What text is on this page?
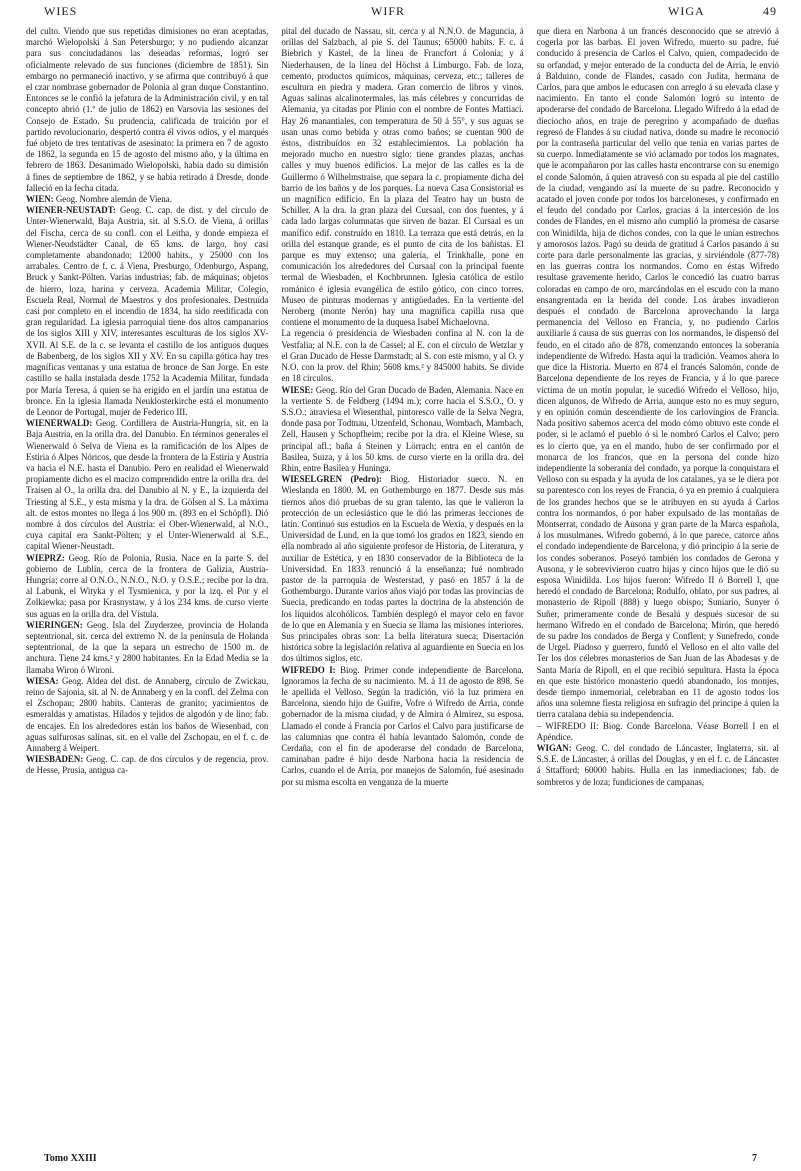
WIES	WIFR	WIGA	49

del culto. Viendo que sus repetidas dimisiones no eran aceptadas, marchó Wielopolski á San Petersburgo; y no pudiendo alcanzar para sus conciudadanos las deseadas reformas, logró ser oficialmente relevado de sus funciones (diciembre de 1851). Sin embargo no permaneció inactivo, y se afirma que contribuyó á que el czar nombrase gobernador de Polonia al gran duque Constantino. Entonces se le confió la jefatura de la Administración civil, y en tal concepto abrió (1.º de julio de 1862) en Varsovia las sesiones del Consejo de Estado. Su prudencia, calificada de traición por el partido revolucionario, despertó contra él vivos odios, y el marqués fué objeto de tres tentativas de asesinato: la primera en 7 de agosto de 1862, la segunda en 15 de agosto del mismo año, y la última en febrero de 1863. Desanimado Wielopolski, había dado su dimisión á fines de septiembre de 1862, y se había retirado á Dresde, donde falleció en la fecha citada.

WIEN: Geog. Nombre alemán de Viena.

WIENER-NEUSTADT: Geog. C. cap. de dist. y del círculo de Unter-Wienerwald, Baja Austria, sit. al S.S.O. de Viena, á orillas del Fischa, cerca de su confl. con el Leitha, y donde empieza el Wiener-Neudstädter Canal, de 65 kms. de largo, hoy casi completamente abandonado; 12000 habits., y 25000 con los arrabales. Centro de f. c. á Viena, Presburgo, Odenburgo, Aspang, Bruck y Sankt-Pölten. Varias industrias; fab. de máquinas; objetos de hierro, loza, harina y cerveza. Academia Militar, Colegio, Escuela Real, Normal de Maestros y dos profesionales. Destruída casi por completo en el incendio de 1834, ha sido reedificada con gran regularidad. La iglesia parroquial tiene dos altos campanarios de los siglos XIII y XIV, interesantes esculturas de los siglos XV-XVII. Al S.E. de la c. se levanta el castillo de los antiguos duques de Babenberg, de los siglos XII y XV. En su capilla gótica hay tres magníficas ventanas y una estatua de bronce de San Jorge. En este castillo se halla instalada desde 1752 la Academia Militar, fundada por María Teresa, á quien se ha erigido en el jardín una estatua de bronce. En la iglesia llamada Neuklosterkirche está el monumento de Leonor de Portugal, mujer de Federico III.

WIENERWALD: Geog. Cordillera de Austria-Hungría, sit. en la Baja Austria, en la orilla dra. del Danubio. En términos generales el Wienerwald ó Selva de Viena es la ramificación de los Alpes de Estiria ó Alpes Nóricos, que desde la frontera de la Estiria y Austria va hacia el N.E. hasta el Danubio. Pero en realidad el Wienerwald propiamente dicho es el macizo comprendido entre la orilla dra. del Traisen al O., la orilla dra. del Danubio al N. y E., la izquierda del Triesting al S.E., y esta misma y la dra. de Gölsen al S. La máxima alt. de estos montes no llega á los 900 m. (893 en el Schöpfl). Dió nombre á dos círculos del Austria: el Ober-Wienerwald, al N.O., cuya capital era Sankt-Pölten; y el Unter-Wienerwald al S.E., capital Wiener-Neustadt.

WIEPRZ: Geog. Río de Polonia, Rusia. Nace en la parte S. del gobierno de Lublin, cerca de la frontera de Galizia, Austria-Hungría; corre al O.N.O., N.N.O., N.O. y O.S.E.; recibe por la dra. al Labunk, el Wityka y el Tysmienica, y por la izq. el Por y el Zolkiewka; pasa por Krasnystaw, y á los 234 kms. de curso vierte sus aguas en la orilla dra. del Vístula.

WIERINGEN: Geog. Isla del Zuyderzee, provincia de Holanda septentrional, sit. cerca del extremo N. de la península de Holanda septentrional, de la que la separa un estrecho de 1500 m. de anchura. Tiene 24 kms.² y 2800 habitantes. En la Edad Media se la llamaba Wiron ó Wironi.

WIESA: Geog. Aldea del dist. de Annaberg, círculo de Zwickau, reino de Sajonia, sit. al N. de Annaberg y en la confl. del Zelma con el Zschopau; 2800 habits. Canteras de granito; yacimientos de esmeraldas y amatistas. Hilados y tejidos de algodón y de lino; fab. de encajes. En los alrededores están los baños de Wiesenbad, con aguas sulfurosas salinas, sit. en el valle del Zschopau, en el f. c. de Annaberg á Weipert.

WIESBADEN: Geog. C. cap. de dos círculos y de regencia, prov. de Hesse, Prusia, antigua ca-

pital del ducado de Nassau, sit. cerca y al N.N.O. de Maguncia, á orillas del Salzbach, al pie S. del Taunus; 65000 habits. F. c. á Biebrich y Kastel, de la línea de Francfort á Colonia; y á Niederhausen, de la línea del Höchst á Limburgo. Fab. de loza, cemento, productos químicos, máquinas, cerveza, etc.; talleres de escultura en piedra y madera. Gran comercio de libros y vinos. Aguas salinas alcalinotermales, las más célebres y concurridas de Alemania, ya citadas por Plinio con el nombre de Fontes Mattiaci. Hay 26 manantiales, con temperatura de 50 á 55°, y sus aguas se usan unas como bebida y otras como baños; se cuentan 900 de éstos, distribuídos en 32 establecimientos. La población ha mejorado mucho en nuestro siglo: tiene grandes plazas, anchas calles y muy buenos edificios. La mejor de las calles es la de Guillermo ó Wilhelmstraise, que separa la c. propiamente dicha del barrio de los baños y de los parques. La nueva Casa Consistorial es un magnífico edificio. En la plaza del Teatro hay un busto de Schiller. A la dra. la gran plaza del Cursaal, con dos fuentes, y á cada lado largas columnatas que sirven de bazar. El Cursaal es un manífico edif. construído en 1810. La terraza que está detrás, en la orilla del estanque grande, es el punto de cita de los bañistas. El parque es muy extenso; una galería, el Trinkhalle, pone en comunicación los alrededores del Cursaal con la principal fuente termal de Wiesbaden, el Kochbrunnen. Iglesia católica de estilo románico é iglesia evangélica de estilo gótico, con cinco torres. Museo de pinturas modernas y antigüedades. En la vertiente del Neroberg (monte Nerón) hay una magnífica capilla rusa que contiene el monumento de la duquesa Isabel Michaelovna.

La regencia ó presidencia de Wiesbaden confina al N. con la de Vestfalia; al N.E. con la de Cassel; al E. con el círculo de Wetzlar y el Gran Ducado de Hesse Darmstadt; al S. con este mismo, y al O. y N.O. con la prov. del Rhin; 5608 kms.² y 845000 habits. Se divide en 18 círculos.

WIESE: Geog. Río del Gran Ducado de Baden, Alemania. Nace en la vertiente S. de Feldberg (1494 m.); corre hacia el S.S.O., O. y S.S.O.; atraviesa el Wiesenthal, pintoresco valle de la Selva Negra, donde pasa por Todtnau, Utzenfeld, Schonau, Wombach, Mambach, Zell, Hausen y Schopfheim; recibe por la dra. el Kleine Wiese, su principal afl.; baña á Steinen y Lörrach; entra en el cantón de Basilea, Suiza, y á los 50 kms. de curso vierte en la orilla dra. del Rhin, entre Basilea y Huninga.

WIESELGREN (Pedro): Biog. Historiador sueco. N. en Wieslanda en 1800. M. en Gothemburgo en 1877. Desde sus más tiernos años dió pruebas de su gran talento, las que le valieron la protección de un eclesiástico que le dió las primeras lecciones de latín. Continuó sus estudios en la Escuela de Wexia, y después en la Universidad de Lund, en la que tomó los grados en 1823, siendo en ella nombrado al año siguiente profesor de Historia, de Literatura, y auxiliar de Estética, y en 1830 conservador de la Biblioteca de la Universidad. En 1833 renunció á la enseñanza; fué nombrado pastor de la parroquia de Westerstad, y pasó en 1857 á la de Gothemburgo. Durante varios años viajó por todas las provincias de Suecia, predicando en todas partes la doctrina de la abstención de los líquidos alcohólicos. También desplegó el mayor celo en favor de lo que en Alemania y en Suecia se llama las misiones interiores. Sus principales obras son: La bella literatura sueca; Disertación histórica sobre la legislación relativa al aguardiente en Suecia en los dos últimos siglos, etc.

WIFREDO I: Biog. Primer conde independiente de Barcelona. Ignoramos la fecha de su nacimiento. M. á 11 de agosto de 898. Se le apellida el Velloso. Según la tradición, vió la luz primera en Barcelona, siendo hijo de Guifre, Vofre ó Wifredo de Arria, conde gobernador de la misma ciudad, y de Almira ó Almirez, su esposa. Llamado el conde á Francia por Carlos el Calvo para justificarse de las calumnias que contra él había levantado Salomón, conde de Cerdaña, con el fin de apoderarse del condado de Barcelona, caminaban padre é hijo desde Narbona hacia la residencia de Carlos, cuando el de Arria, por manejos de Salomón, fué asesinado por su misma escolta en venganza de la muerte

que diera en Narbona á un francés desconocido que se atrevió á cogerla por las barbas. El joven Wifredo, muerto su padre, fué conducido á presencia de Carlos el Calvo, quien, compadecido de su orfandad, y mejor enterado de la conducta del de Arria, le envió á Balduino, conde de Flandes, casado con Judita, hermana de Carlos, para que ambos le educasen con arreglo á su elevada clase y nacimiento. En tanto el conde Salomón logró su intento de apoderarse del condado de Barcelona. Llegado Wifredo á la edad de dieciocho años, en traje de peregrino y acompañado de dueñas regresó de Flandes á su ciudad nativa, donde su madre le reconoció por la contraseña particular del vello que tenía en varias partes de su cuerpo. Inmediatamente se vió aclamado por todos los magnates, que le acompañaron por las calles hasta encontrarse con su enemigo el conde Salomón, á quien atravesó con su espada al pie del castillo de la ciudad, vengando así la muerte de su padre. Reconocido y acatado el joven conde por todos los barceloneses, y confirmado en el feudo del condado por Carlos, gracias á la intercesión de los condes de Flandes, en el mismo año cumplió la promesa de casarse con Winidilda, hija de dichos condes, con la que le unían estrechos y amorosos lazos. Pagó su deuda de gratitud á Carlos pasando á su corte para darle personalmente las gracias, y sirviéndole (877-78) en las guerras contra los normandos. Como en éstas Wifredo resultase gravemente herido, Carlos le concedió las cuatro barras coloradas en campo de oro, marcándolas en el escudo con la mano ensangrentada en la herida del conde. Los árabes invadieron después el condado de Barcelona aprovechando la larga permanencia del Velloso en Francia, y, no pudiendo Carlos auxiliarle á causa de sus guerras con los normandos, le dispensó del feudo, en el citado año de 878, comenzando entonces la soberanía independiente de Wifredo. Hasta aquí la tradición. Veamos ahora lo que dice la Historia. Muerto en 874 el francés Salomón, conde de Barcelona dependiente de los reyes de Francia, y á lo que parece víctima de un motín popular, le sucedió Wifredo el Velloso, hijo, dicen algunos, de Wifredo de Arria, aunque esto no es muy seguro, y en opinión común descendiente de los carlovingios de Francia. Nada positivo sabemos acerca del modo cómo obtuvo este conde el poder, si le aclamó el pueblo ó si le nombró Carlos el Calvo; pero es lo cierto que, ya en el mando, hubo de ser confirmado por el monarca de los francos, que en la persona del conde hizo independiente la soberanía del condado, ya porque la conquistara el Velloso con su espada y la ayuda de los catalanes, ya se le diera por su parentesco con los reyes de Francia, ó ya en premio á cualquiera de los grandes hechos que se le atribuyen en su ayuda á Carlos contra los normandos, ó por haber expulsado de las montañas de Montserrat, condado de Ausona y gran parte de la Marca española, á los musulmanes. Wifredo gobernó, á lo que parece, catorce años el condado independiente de Barcelona, y dió principio á la serie de los condes soberanos. Poseyó también los condados de Gerona y Ausona, y le sobrevivieron cuatro hijas y cinco hijos que le dió su esposa Winidilda. Los hijos fueron: Wifredo II ó Borrell I, que heredó el condado de Barcelona; Rodulfo, oblato, por sus padres, al monasterio de Ripoll (888) y luego obispo; Suniario, Sunyer ó Suñer, primeramente conde de Besalú y después sucesor de su hermano Wifredo en el condado de Barcelona; Mirón, que heredó de su padre los condados de Berga y Conflent; y Sunefredo, conde de Urgel. Piadoso y guerrero, fundó el Velloso en el alto valle del Ter los dos célebres monasterios de San Juan de las Abadesas y de Santa María de Ripoll, en el que recibió sepultura. Hasta la época en que este histórico monasterio quedó abandonado, los monjes, desde tiempo inmemorial, celebraban en 11 de agosto todos los años una solemne fiesta religiosa en sufragio del príncipe á quien la tierra catalana debía su independencia.

– WIFREDO II: Biog. Conde Barcelona. Véase Borrell I en el Apéndice.

WIGAN: Geog. C. del condado de Láncaster, Inglaterra, sit. al S.S.E. de Láncaster, á orillas del Douglas, y en el f. c. de Láncaster á Sttafford; 60000 habits. Hulla en las inmediaciones; fab. de sombreros y de loza; fundiciones de campanas,

Tomo XXIII	7
